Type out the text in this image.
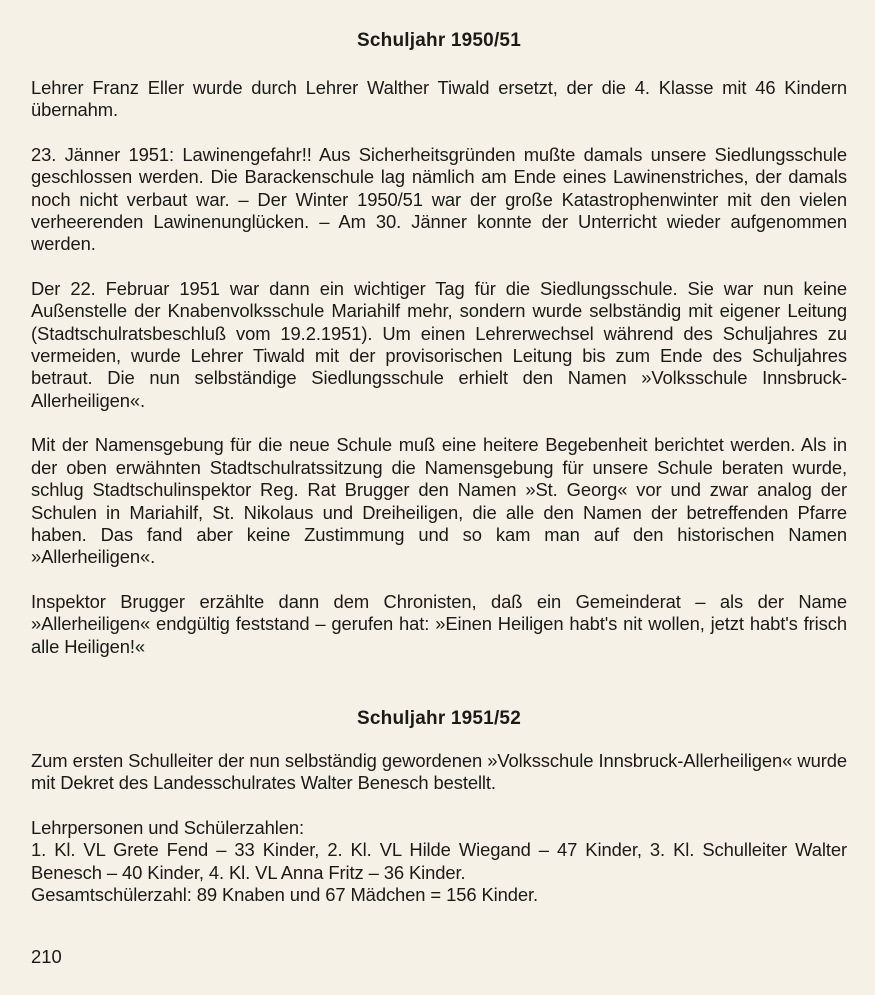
Schuljahr 1950/51

Lehrer Franz Eller wurde durch Lehrer Walther Tiwald ersetzt, der die 4. Klasse mit 46 Kindern übernahm.

23. Jänner 1951: Lawinengefahr!! Aus Sicherheitsgründen mußte damals unsere Siedlungsschule geschlossen werden. Die Barackenschule lag nämlich am Ende eines Lawinenstriches, der damals noch nicht verbaut war. – Der Winter 1950/51 war der große Katastrophenwinter mit den vielen verheerenden Lawinenunglücken. – Am 30. Jänner konnte der Unterricht wieder aufgenommen werden.

Der 22. Februar 1951 war dann ein wichtiger Tag für die Siedlungsschule. Sie war nun keine Außenstelle der Knabenvolksschule Mariahilf mehr, sondern wurde selbständig mit eigener Leitung (Stadtschulratsbeschluß vom 19.2.1951). Um einen Lehrerwechsel während des Schuljahres zu vermeiden, wurde Lehrer Tiwald mit der provisorischen Leitung bis zum Ende des Schuljahres betraut. Die nun selbständige Siedlungsschule erhielt den Namen »Volksschule Innsbruck-Allerheiligen«.

Mit der Namensgebung für die neue Schule muß eine heitere Begebenheit berichtet werden. Als in der oben erwähnten Stadtschulratssitzung die Namensgebung für unsere Schule beraten wurde, schlug Stadtschulinspektor Reg. Rat Brugger den Namen »St. Georg« vor und zwar analog der Schulen in Mariahilf, St. Nikolaus und Dreiheiligen, die alle den Namen der betreffenden Pfarre haben. Das fand aber keine Zustimmung und so kam man auf den historischen Namen »Allerheiligen«.

Inspektor Brugger erzählte dann dem Chronisten, daß ein Gemeinderat – als der Name »Allerheiligen« endgültig feststand – gerufen hat: »Einen Heiligen habt's nit wollen, jetzt habt's frisch alle Heiligen!«

Schuljahr 1951/52

Zum ersten Schulleiter der nun selbständig gewordenen »Volksschule Innsbruck-Allerheiligen« wurde mit Dekret des Landesschulrates Walter Benesch bestellt.

Lehrpersonen und Schülerzahlen:

1. Kl. VL Grete Fend – 33 Kinder, 2. Kl. VL Hilde Wiegand – 47 Kinder, 3. Kl. Schulleiter Walter Benesch – 40 Kinder, 4. Kl. VL Anna Fritz – 36 Kinder.

Gesamtschülerzahl: 89 Knaben und 67 Mädchen = 156 Kinder.

210
